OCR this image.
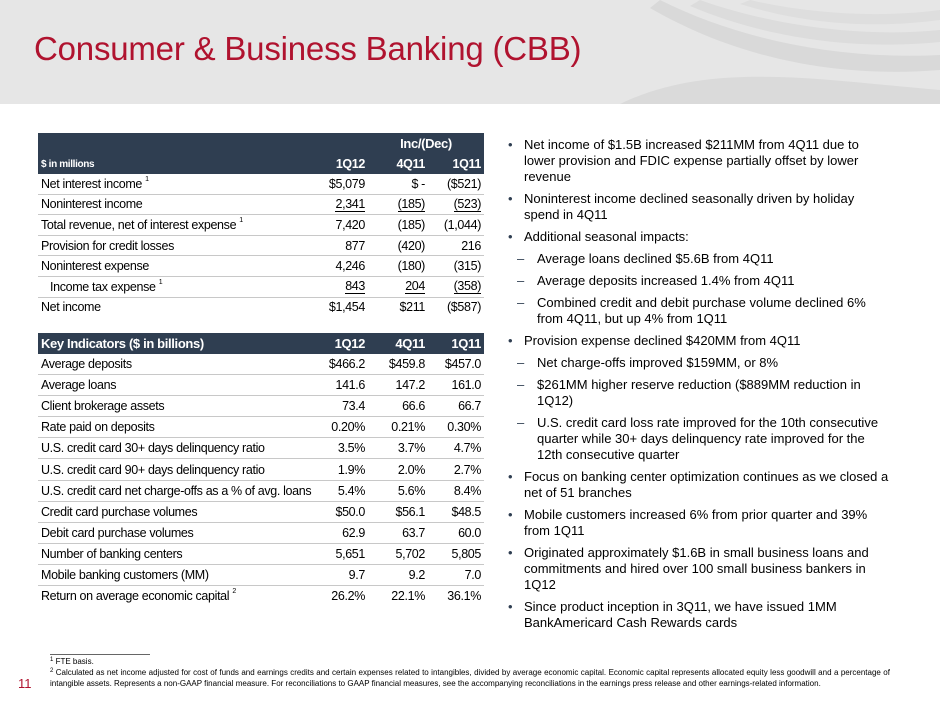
Consumer & Business Banking (CBB)
		Inc/(Dec)	
$ in millions	1Q12	4Q11	1Q11
Net interest income $^1$	$5,079	$ -	($521)
Noninterest income	2,341	(185)	(523)
Total revenue, net of interest expense $^1$	7,420	(185)	(1,044)
Provision for credit losses	877	(420)	216
Noninterest expense	4,246	(180)	(315)
Income tax expense $^1$	843	204	(358)
Net income	$1,454	$211	($587)
Key Indicators ($ in billions)	1Q12	4Q11	1Q11
Average deposits	$466.2	$459.8	$457.0
Average loans	141.6	147.2	161.0
Client brokerage assets	73.4	66.6	66.7
Rate paid on deposits	0.20%	0.21%	0.30%
U.S. credit card 30+ days delinquency ratio	3.5%	3.7%	4.7%
U.S. credit card 90+ days delinquency ratio	1.9%	2.0%	2.7%
U.S. credit card net charge-offs as a % of avg. loans	5.4%	5.6%	8.4%
Credit card purchase volumes	$50.0	$56.1	$48.5
Debit card purchase volumes	62.9	63.7	60.0
Number of banking centers	5,651	5,702	5,805
Mobile banking customers (MM)	9.7	9.2	7.0
Return on average economic capital $^2$	26.2%	22.1%	36.1%
• Net income of $1.5B increased $211MM from 4Q11 due to lower provision and FDIC expense partially offset by lower revenue
• Noninterest income declined seasonally driven by holiday spend in 4Q11
• Additional seasonal impacts:
– Average loans declined $5.6B from 4Q11
– Average deposits increased 1.4% from 4Q11
– Combined credit and debit purchase volume declined 6% from 4Q11, but up 4% from 1Q11
• Provision expense declined $420MM from 4Q11
– Net charge-offs improved $159MM, or 8%
– $261MM higher reserve reduction ($889MM reduction in 1Q12)
– U.S. credit card loss rate improved for the 10th consecutive quarter while 30+ days delinquency rate improved for the 12th consecutive quarter
• Focus on banking center optimization continues as we closed a net of 51 branches
• Mobile customers increased 6% from prior quarter and 39% from 1Q11
• Originated approximately $1.6B in small business loans and commitments and hired over 100 small business bankers in 1Q12
• Since product inception in 3Q11, we have issued 1MM BankAmericard Cash Rewards cards

$^1$ FTE basis.

$^2$ Calculated as net income adjusted for cost of funds and earnings credits and certain expenses related to intangibles, divided by average economic capital. Economic capital represents allocated equity less goodwill and a percentage of intangible assets. Represents a non-GAAP financial measure. For reconciliations to GAAP financial measures, see the accompanying reconciliations in the earnings press release and other earnings-related information.

11
